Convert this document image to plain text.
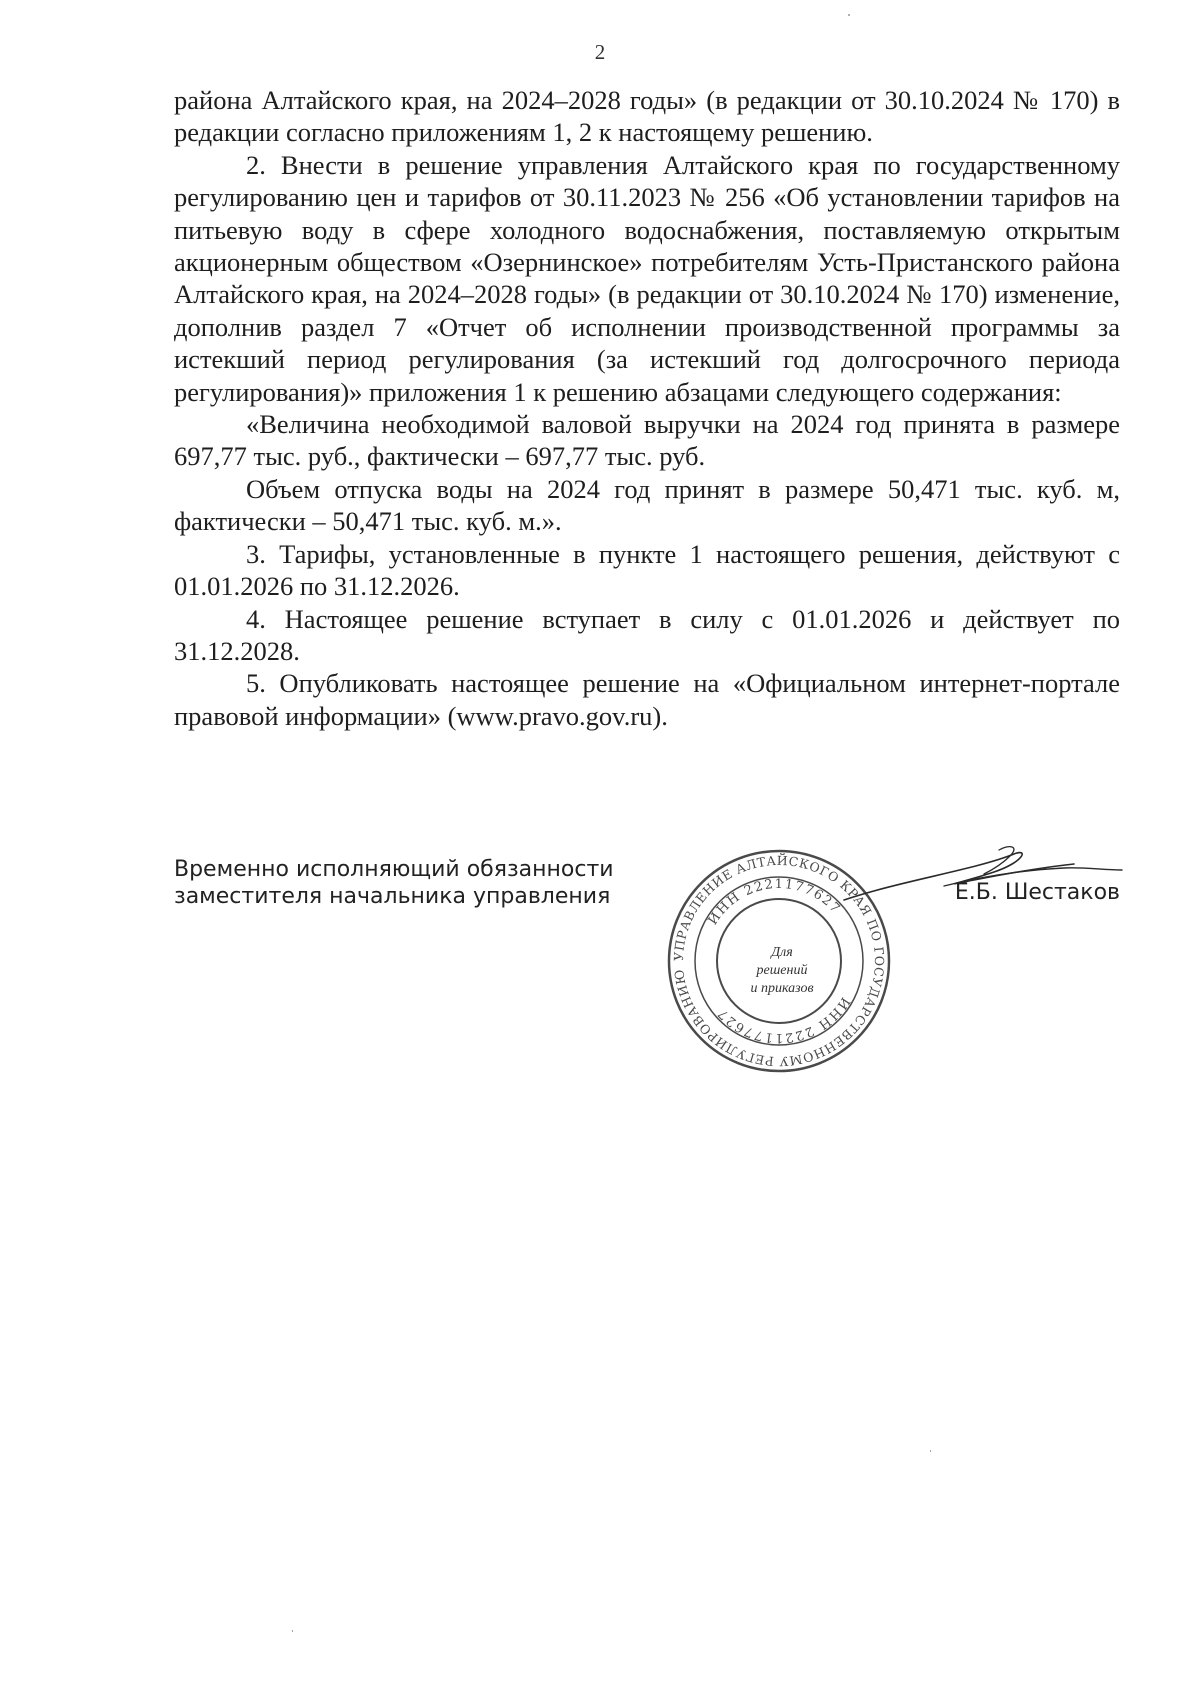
2

района Алтайского края, на 2024–2028 годы» (в редакции от 30.10.2024 № 170) в редакции согласно приложениям 1, 2 к настоящему решению.

2. Внести в решение управления Алтайского края по государственному регулированию цен и тарифов от 30.11.2023 № 256 «Об установлении тарифов на питьевую воду в сфере холодного водоснабжения, поставляемую открытым акционерным обществом «Озернинское» потребителям Усть-Пристанского района Алтайского края, на 2024–2028 годы» (в редакции от 30.10.2024 № 170) изменение, дополнив раздел 7 «Отчет об исполнении производственной программы за истекший период регулирования (за истекший год долгосрочного периода регулирования)» приложения 1 к решению абзацами следующего содержания:

«Величина необходимой валовой выручки на 2024 год принята в размере 697,77 тыс. руб., фактически – 697,77 тыс. руб.

Объем отпуска воды на 2024 год принят в размере 50,471 тыс. куб. м, фактически – 50,471 тыс. куб. м.».

3. Тарифы, установленные в пункте 1 настоящего решения, действуют с 01.01.2026 по 31.12.2026.

4. Настоящее решение вступает в силу с 01.01.2026 и действует по 31.12.2028.

5. Опубликовать настоящее решение на «Официальном интернет-портале правовой информации» (www.pravo.gov.ru).

Временно исполняющий обязанности
заместителя начальника управления
УПРАВЛЕНИЕ АЛТАЙСКОГО КРАЯ ПО ГОСУДАРСТВЕННОМУ РЕГУЛИРОВАНИЮ
ИНН 2221177627
ИНН 2221177627
Для решений
и приказов
Е.Б. Шестаков
